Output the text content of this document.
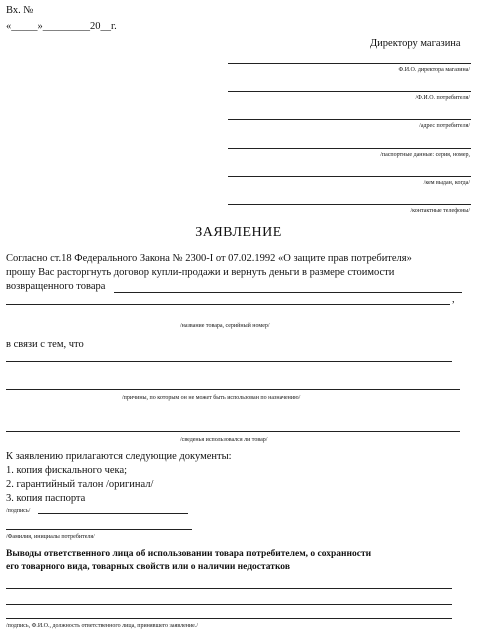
Вх. №
«_____»_________20__г.
Директору магазина
Ф.И.О. директора магазина/
/Ф.И.О. потребителя/
/адрес потребителя/
/паспортные данные: серия, номер,
/кем выдан, когда/
/контактные телефоны/
ЗАЯВЛЕНИЕ
Согласно ст.18 Федерального Закона № 2300-I от 07.02.1992 «О защите прав потребителя»
прошу Вас расторгнуть договор купли-продажи и вернуть деньги в размере стоимости
возвращенного товара
,
/название товара, серийный номер/
в связи с тем, что
/причины, по которым он не может быть использован по назначению/
/сведенья использовался ли товар/
К заявлению прилагаются следующие документы:
1. копия фискального чека;
2. гарантийный талон /оригинал/
3. копия паспорта
/подпись/
/Фамилия, инициалы потребителя/
Выводы ответственного лица об использовании товара потребителем, о сохранности
его товарного вида, товарных свойств или о наличии недостатков
/подпись, Ф.И.О., должность ответственного лица, принявшего заявление./
